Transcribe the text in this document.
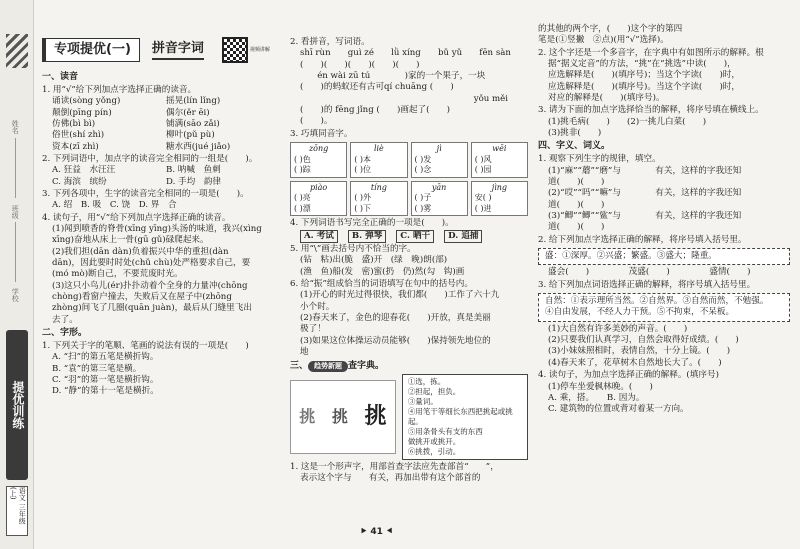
姓名
班级
学校
提优训练
语文 三年级(上)
专项提优(一)	拼音字词	视频讲解
一、读音
1. 用“√”给下列加点字选择正确的读音。
诵读(sòng yǒng)	摇晃(lín lǐng)
颠倒(pīng pín)	偶尔(ěr ēi)
仿佛(bì bì)	铺满(sāo zǎi)
俗世(shí zhì)	柳叶(pǔ pù)
资本(zī zhì)	糖水西(jué jiǎo)
2. 下列词语中，加点字的读音完全相同的一组是(　　)。
A. 狂益　水汪汪	B. 呐喊　鱼刺
C. 海滨　缤纷	D. 手均　韵律
3. 下列各项中，生字的读音完全相同的一项是(　　)。
A. 绍　B. 吸　C. 饶　D. 界　合
4. 读句子，用“√”给下列加点字选择正确的读音。
(1)闻到喷香的脊骨(xīng yīng)头汤的味道，我兴(xìng
xīng)奋地从床上一骨(gū gǔ)碌爬起来。
(2)我们担(dān dàn)负着振兴中华的重担(dàn
dān)，因此要时时处(chǔ chù)处严格要求自己，要
(mó mò)断自己，不要荒废时光。
(3)这只小鸟儿(ér)扑扑动着个全身的力量冲(chōng
chòng)看窗户撞去，失败后又在屋子中(zhōng
zhòng)间飞了几圈(quān juàn)，最后从门缝里飞出
去了。
二、字形。
1. 下列关于字的笔顺、笔画的说法有误的一项是(　　)
A. “扫”的第五笔是横折钩。
B. “袁”的第三笔是横。
C. “羽”的第一笔是横折钩。
D. “静”的第十一笔是横折。
2. 看拼音，写词语。
shī rùn　　guì zé　　lǜ xíng　　bǔ yǔ　　fēn sàn
(　　)(　　)(　　)(　　)(　　)
　　én wài zū tú　　　　)家的一个果子，一块
(　　)的蚂蚁还有古可qí chuāng (　　)
yǒu měi
(　　)的 fēng jǐng (　　)画起了(　　)
(　　)。
3. 巧填同音字。
zōng
( )色
( )踪
liè
( )本
( )位
jì
( )发
( )念
wēi
( )风
( )园
piào
( )亮
( )漂
tíng
( )外
( )下
yān
( )子
( )雾
jìng
安( )
( )进
4. 下列词语书写完全正确的一项是(　　)。
A. 考试	B. 弹琴	C. 晒干	D. 追捕
5. 用“\”画去括号内不恰当的字。
(钻　粘)出(脆　盛)开　(绿　晚)朗(部)
(渔　鱼)船(发　密)蜜(扔　仍)然(勾　钩)画
6. 给“振”组成恰当的词语填写在句中的括号内。
(1)开心的时光过得很快，我们都(　　)工作了六十九
小个时。
(2)春天来了，金色的迎春花(　　)开放，真是美丽
极了！
(3)如果这位体操运动员能够(　　)保持领先地位的
地
三、 趋势新题 查字典。
挑 挑 挑
①选，拣。
②担起，担负。
③量词。
④用笔干等细长东西把挑起或挑起。
⑤用条骨头有支的东西
做挑开或挑开。
⑥挑拨，引动。
1. 这是一个形声字，用部首查字法应先查部首“　　”，
表示这个字与　　有关，再加出带有这个部首的
的其他的两个字，(　　)这个字的第四
笔是(①竖撇　②点)(用“√”选择)。
2. 这个字还是一个多音字，在字典中有如图所示的解释。根
据“据义定音”的方法，“挑”在“挑选”中读(　　)，
应选解释是(　　)(填序号)；当这个字读(　　)时，
应选解释是(　　)(填序号)。当这个字读(　　)时，
对应的解释是(　　)(填序号)。
3. 请为下面的加点字选择恰当的解释，将序号填在横线上。
(1)挑毛病(　　)　　(2)一挑儿白菜(　　)
(3)挑非(　　)
四、字义、词义。
1. 观察下列生字的规律，填空。
(1)“麻”“蘑”“磨”与　　　　有关，这样的字我还知
道(　　)(　　)
(2)“哎”“吗”“嘛”与　　　　有关，这样的字我还知
道(　　)(　　)
(3)“鲫”“鲫”“鲨”与　　　　有关，这样的字我还知
道(　　)(　　)
2. 给下列加点字选择正确的解释，将序号填入括号里。
盛：①深厚。②兴盛；繁盛。③盛大；隆重。
盛会(　　)	茂盛(　　)	盛情(　　)
3. 给下列加点词语选择正确的解释，将序号填入括号里。
自然：①表示理所当然。②自然界。③自然而然，不勉强。
④自由发展，不经人力干预。⑤不拘束，不呆板。
(1)大自然有许多美妙的声音。(　　)
(2)只要我们认真学习，自然会取得好成绩。(　　)
(3)小妹妹照相时，表情自然，十分上镜。(　　)
(4)春天来了，花草树木自然地长大了。(　　)
4. 读句子，为加点字选择正确的解释。(填序号)
(1)停车坐爱枫林晚。(　　)
A. 乘，搭。　　B. 因为。
C. 建筑物的位置或背对着某一方向。
⯈ 41 ⯇
